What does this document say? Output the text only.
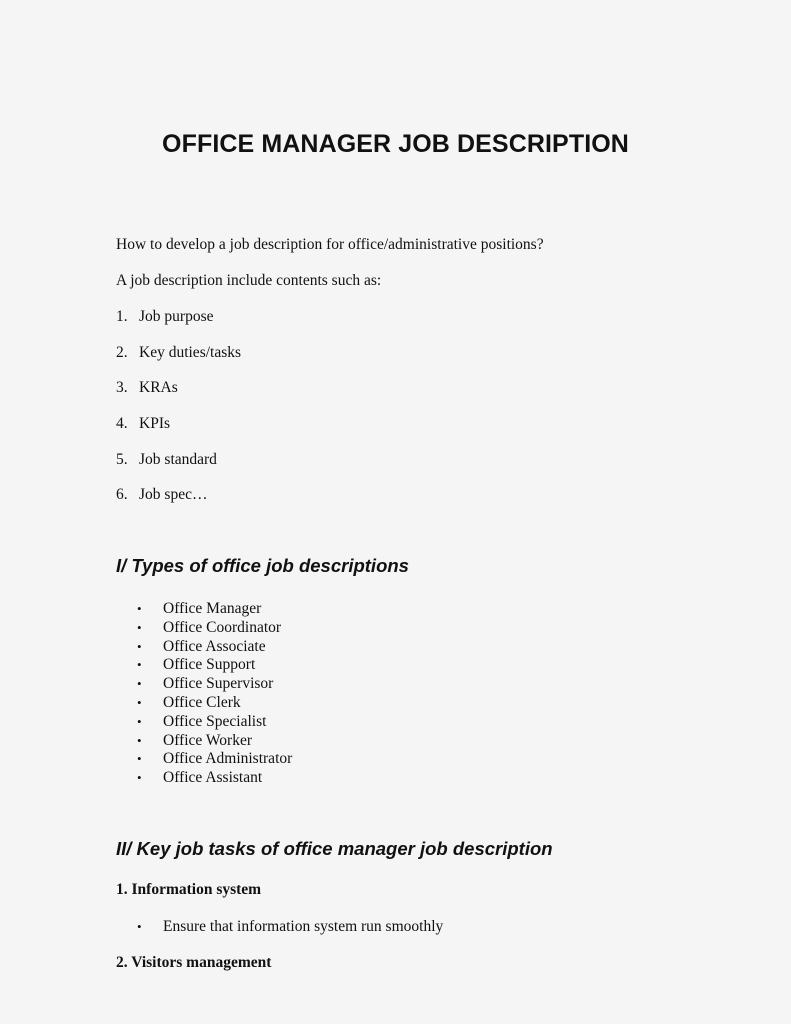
OFFICE MANAGER JOB DESCRIPTION

How to develop a job description for office/administrative positions?

A job description include contents such as:

1. Job purpose
2. Key duties/tasks
3. KRAs
4. KPIs
5. Job standard
6. Job spec…
I/ Types of office job descriptions
• Office Manager
• Office Coordinator
• Office Associate
• Office Support
• Office Supervisor
• Office Clerk
• Office Specialist
• Office Worker
• Office Administrator
• Office Assistant
II/ Key job tasks of office manager job description
1. Information system
• Ensure that information system run smoothly
2. Visitors management
